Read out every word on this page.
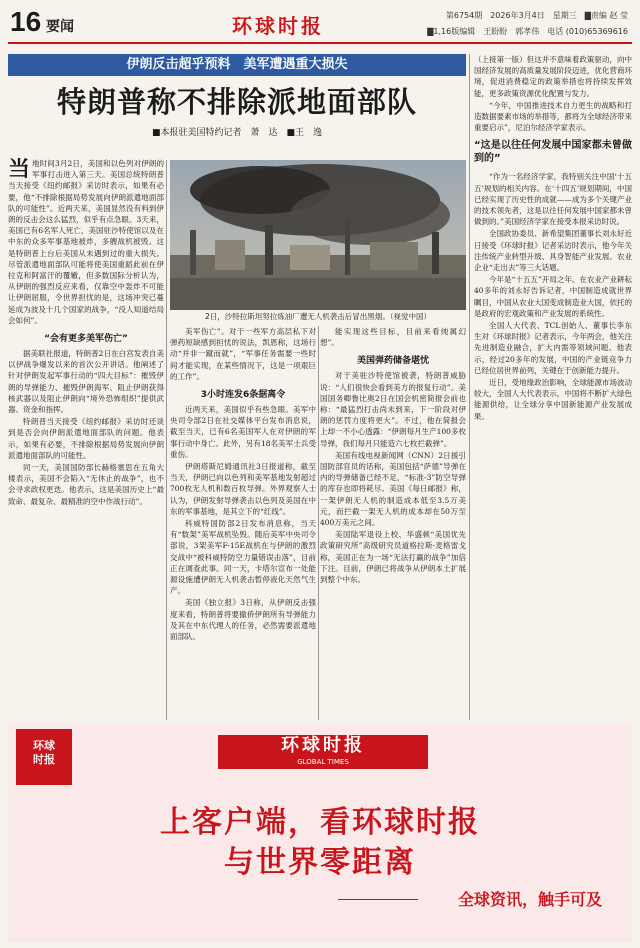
16 要闻	环球时报	第6754期　2026年3月4日　星期三　▇责编 赵 莹
▇1,16版编辑　王盼盼　郭孝伟　电话 (010)65369616
伊朗反击超乎预料　美军遭遇重大损失
特朗普称不排除派地面部队
■本报驻美国特约记者　萧　达　■王　逸

当地时间3月2日，美国和以色列对伊朗的军事打击进入第三天。美国总统特朗普当天接受《纽约邮报》采访时表示，如果有必要，他“不排除根据局势发展向伊朗派遣地面部队的可能性”。近两天来，美国显然没有料到伊朗的反击会这么猛烈，似乎有点急眼。3天来，美国已有6名军人死亡，美国驻沙特使馆以及在中东的众多军事基地被炸，多艘战机被毁。这是特朗普上台后美国从未遇到过的重大损失。尽管派遣地面部队可能将使美国重蹈此前在伊拉克和阿富汗的覆辙，但多数国际分析认为，从伊朗的强烈反应来看，仅靠空中轰炸不可能让伊朗屈服，令世界担忧的是，这场冲突已蔓延成为波及十几个国家的战争，“没人知道结局会如何”。

“会有更多美军伤亡”

据美联社报道，特朗普2日在白宫发表自美以伊战争爆发以来的首次公开讲话。他阐述了针对伊朗发起军事行动的“四大目标”：摧毁伊朗的导弹能力、摧毁伊朗海军、阻止伊朗获得核武器以及阻止伊朗向“境外恐怖组织”提供武器、资金和指挥。

特朗普当天接受《纽约邮报》采访时还谈到是否会向伊朗派遣地面部队的问题。他表示，如果有必要，不排除根据局势发展向伊朗派遣地面部队的可能性。

同一天，美国国防部长赫格塞思在五角大楼表示，美国不会陷入“无休止的战争”，也不会寻求政权更迭。他表示，这是美国历史上“最致命、最复杂、最精准的空中作战行动”。

2日，沙特拉斯坦努拉炼油厂遭无人机袭击后冒出黑烟。（视觉中国）

美军伤亡”。对于一些军方高层私下对弹药短缺感到担忧的说法，凯恩称，这场行动“并非一蹴而就”，“军事任务需要一些时间才能实现，在某些情况下，这是一项艰巨的工作”。

3小时连发6条据离令

近两天来，美国似乎有些急眼。美军中央司令部2日在社交媒体平台发布消息说，截至当天，已有6名美国军人在对伊朗的军事行动中身亡。此外，另有18名美军士兵受重伤。

伊朗塔斯尼姆通讯社3日报道称，截至当天，伊朗已向以色列和美军基地发射超过700枚无人机和数百枚导弹。外界观察人士认为，伊朗发射导弹袭击以色列及美国在中东的军事基地，是其立下的“红线”。

科威特国防部2日发布消息称，当天有“数架”美军战机坠毁。随后美军中央司令部说，3架美军F-15E战机在与伊朗的激烈交战中“被科威特防空力量错误击落”，目前正在调查此事。同一天，卡塔尔宣布一处能源设施遭伊朗无人机袭击暂停液化天然气生产。

美国《独立报》3日称，从伊朗反击强度来看，特朗普将要撤侨伊朗所有导弹能力及其在中东代理人的任务，必然需要派遣地面部队。

能实现这些目标，目前来看纯属幻想”。

美国弹药储备堪忧

对于美驻沙特使馆被袭，特朗普威胁说：“人们很快会看到美方的报复行动”。美国国务卿鲁比奥2日在国会机密简报会前也称：“最猛烈打击尚未到来，下一阶段对伊朗的惩罚力度将更大”。不过，他在简报会上却一不小心透露：“伊朗每月生产100多枚导弹，我们每月只能造六七枚拦截弹”。

美国有线电视新闻网（CNN）2日援引国防部官员的话称，美国包括“萨德”导弹在内的导弹储备已经不足，“标准-3”防空导弹的库存也即将耗尽。美国《每日邮报》称，一架伊朗无人机的制造成本低至3.5万美元，而拦截一架无人机的成本却在50万至400万美元之间。

美国陆军退役上校、华盛顿“美国优先政策研究所”高级研究员道格拉斯·麦格雷戈称，美国正在为一场“无法打赢的战争”加倍下注。目前，伊朗已将战争从伊朗本土扩展到整个中东。

（上接第一版）但这并不意味着政策驱动，向中国经济发展的高质量发展阶段迈进，优化营商环境，促进消费稳定的政策举措也将持续发挥效能，更多政策资源优化配置与发力。

“今年，中国推进技术自力更生的战略和打造数据要素市场的举措等，都将为全球经济带来重要启示”，尼泊尔经济学家表示。

“这是以往任何发展中国家都未曾做到的”

“作为一名经济学家，我特别关注中国‘十五五’规划的相关内容。在‘十四五’规划期间，中国已经实现了历史性的成就——成为多个关键产业的技术领先者，这是以往任何发展中国家都未曾做到的。”美国经济学家在接受本报采访时说。

全国政协委员、新希望集团董事长刘永好近日接受《环球时报》记者采访时表示，他今年关注传统产业转型升级、具身智能产业发展、农业企业“走出去”等三大话题。

今年是“十五五”开局之年。在农业产业耕耘40多年的刘永好告诉记者，中国制造成就世界瞩目，中国从农业大国变成制造业大国，依托的是政府的宏观政策和产业发展的系统性。

全国人大代表、TCL创始人、董事长李东生对《环球时报》记者表示，今年两会，他关注先进制造业融合，扩大内需等领域问题。他表示，经过20多年的发展，中国的产业链竞争力已经位居世界前列，关键在于创新能力提升。

近日，受地缘政治影响，全球能源市场波动较大，全国人大代表表示，中国将不断扩大绿色能源供给，让全球分享中国新能源产业发展成果。

环球
时报
环球时报
GLOBAL TIMES
上客户端，看环球时报
与世界零距离
全球资讯，触手可及
